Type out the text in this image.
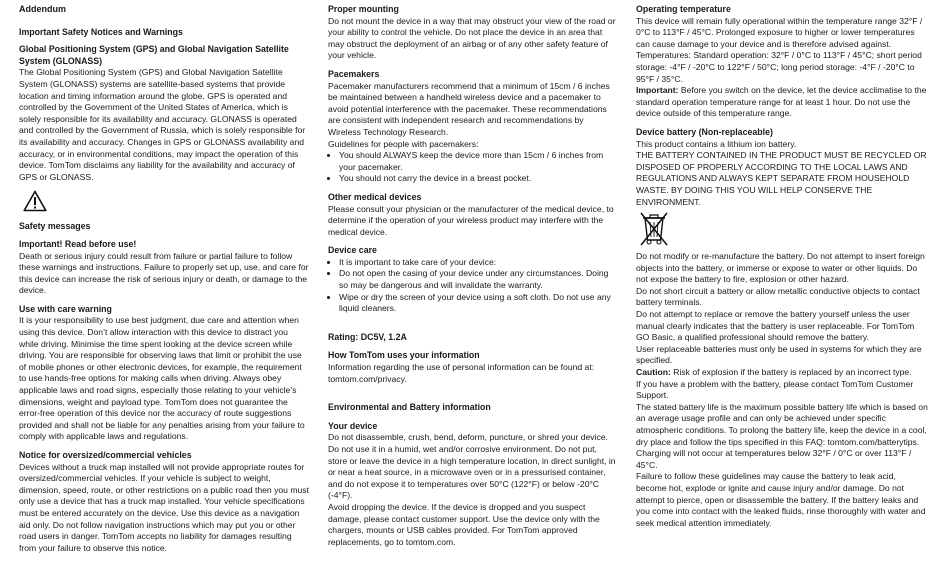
Addendum
Important Safety Notices and Warnings
Global Positioning System (GPS) and Global Navigation Satellite System (GLONASS)

The Global Positioning System (GPS) and Global Navigation Satellite System (GLONASS) systems are satellite-based systems that provide location and timing information around the globe. GPS is operated and controlled by the Government of the United States of America, which is solely responsible for its availability and accuracy. GLONASS is operated and controlled by the Government of Russia, which is solely responsible for its availability and accuracy. Changes in GPS or GLONASS availability and accuracy, or in environmental conditions, may impact the operation of this device. TomTom disclaims any liability for the availability and accuracy of GPS or GLONASS.

Safety messages
Important! Read before use!

Death or serious injury could result from failure or partial failure to follow these warnings and instructions. Failure to properly set up, use, and care for this device can increase the risk of serious injury or death, or damage to the device.

Use with care warning

It is your responsibility to use best judgment, due care and attention when using this device. Don’t allow interaction with this device to distract you while driving. Minimise the time spent looking at the device screen while driving. You are responsible for observing laws that limit or prohibit the use of mobile phones or other electronic devices, for example, the requirement to use hands-free options for making calls when driving. Always obey applicable laws and road signs, especially those relating to your vehicle’s dimensions, weight and payload type. TomTom does not guarantee the error-free operation of this device nor the accuracy of route suggestions provided and shall not be liable for any penalties arising from your failure to comply with applicable laws and regulations.

Notice for oversized/commercial vehicles

Devices without a truck map installed will not provide appropriate routes for oversized/commercial vehicles. If your vehicle is subject to weight, dimension, speed, route, or other restrictions on a public road then you must only use a device that has a truck map installed. Your vehicle specifications must be entered accurately on the device. Use this device as a navigation aid only. Do not follow navigation instructions which may put you or other road users in danger. TomTom accepts no liability for damages resulting from your failure to observe this notice.

Proper mounting

Do not mount the device in a way that may obstruct your view of the road or your ability to control the vehicle. Do not place the device in an area that may obstruct the deployment of an airbag or of any other safety feature of your vehicle.

Pacemakers

Pacemaker manufacturers recommend that a minimum of 15cm / 6 inches be maintained between a handheld wireless device and a pacemaker to avoid potential interference with the pacemaker. These recommendations are consistent with independent research and recommendations by Wireless Technology Research.

Guidelines for people with pacemakers:

• You should ALWAYS keep the device more than 15cm / 6 inches from your pacemaker.
• You should not carry the device in a breast pocket.
Other medical devices

Please consult your physician or the manufacturer of the medical device, to determine if the operation of your wireless product may interfere with the medical device.

Device care
• It is important to take care of your device:
• Do not open the casing of your device under any circumstances. Doing so may be dangerous and will invalidate the warranty.
• Wipe or dry the screen of your device using a soft cloth. Do not use any liquid cleaners.
Rating: DC5V, 1.2A
How TomTom uses your information

Information regarding the use of personal information can be found at: tomtom.com/privacy.

Environmental and Battery information
Your device

Do not disassemble, crush, bend, deform, puncture, or shred your device. Do not use it in a humid, wet and/or corrosive environment. Do not put, store or leave the device in a high temperature location, in direct sunlight, in or near a heat source, in a microwave oven or in a pressurised container, and do not expose it to temperatures over 50°C (122°F) or below -20°C (-4°F).

Avoid dropping the device. If the device is dropped and you suspect damage, please contact customer support. Use the device only with the chargers, mounts or USB cables provided. For TomTom approved replacements, go to tomtom.com.

Operating temperature

This device will remain fully operational within the temperature range 32°F / 0°C to 113°F / 45°C. Prolonged exposure to higher or lower temperatures can cause damage to your device and is therefore advised against.

Temperatures: Standard operation: 32°F / 0°C to 113°F / 45°C; short period storage: -4°F / -20°C to 122°F / 50°C; long period storage: -4°F / -20°C to 95°F / 35°C.

Important: Before you switch on the device, let the device acclimatise to the standard operation temperature range for at least 1 hour. Do not use the device outside of this temperature range.

Device battery (Non-replaceable)

This product contains a lithium ion battery.

THE BATTERY CONTAINED IN THE PRODUCT MUST BE RECYCLED OR DISPOSED OF PROPERLY ACCORDING TO THE LOCAL LAWS AND REGULATIONS AND ALWAYS KEPT SEPARATE FROM HOUSEHOLD WASTE. BY DOING THIS YOU WILL HELP CONSERVE THE ENVIRONMENT.

Do not modify or re-manufacture the battery. Do not attempt to insert foreign objects into the battery, or immerse or expose to water or other liquids. Do not expose the battery to fire, explosion or other hazard.

Do not short circuit a battery or allow metallic conductive objects to contact battery terminals.

Do not attempt to replace or remove the battery yourself unless the user manual clearly indicates that the battery is user replaceable. For TomTom GO Basic, a qualified professional should remove the battery.

User replaceable batteries must only be used in systems for which they are specified.

Caution: Risk of explosion if the battery is replaced by an incorrect type.

If you have a problem with the battery, please contact TomTom Customer Support.

The stated battery life is the maximum possible battery life which is based on an average usage profile and can only be achieved under specific atmospheric conditions. To prolong the battery life, keep the device in a cool, dry place and follow the tips specified in this FAQ: tomtom.com/batterytips. Charging will not occur at temperatures below 32°F / 0°C or over 113°F / 45°C.

Failure to follow these guidelines may cause the battery to leak acid, become hot, explode or ignite and cause injury and/or damage. Do not attempt to pierce, open or disassemble the battery. If the battery leaks and you come into contact with the leaked fluids, rinse thoroughly with water and seek medical attention immediately.
